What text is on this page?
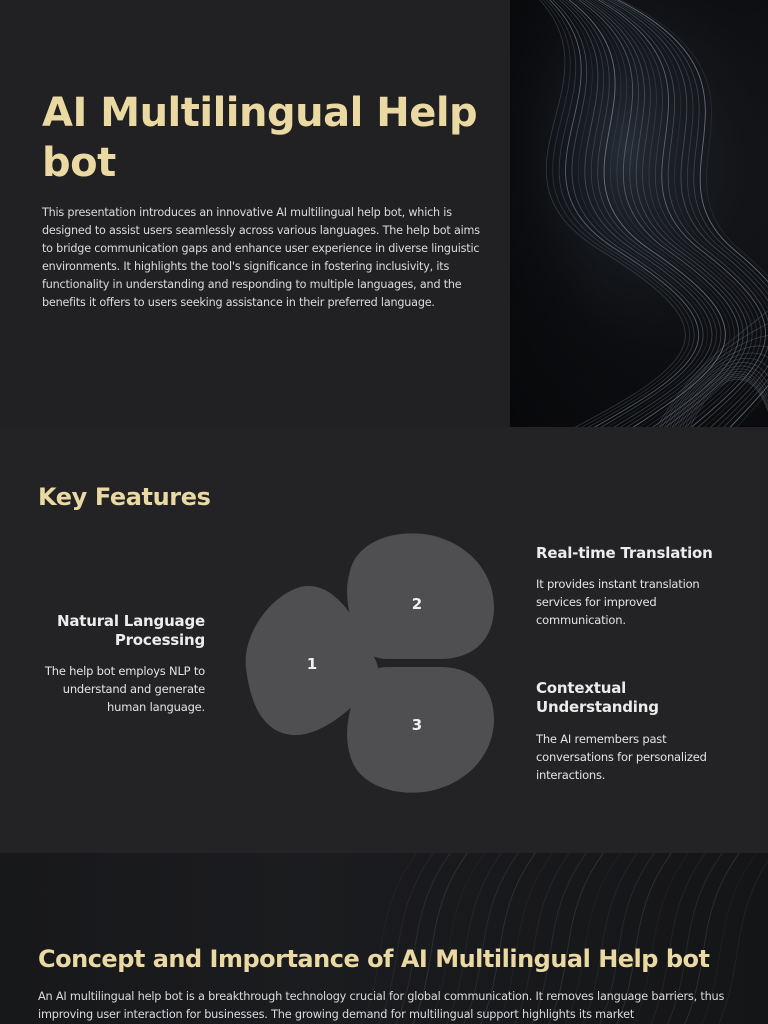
AI Multilingual Help bot

This presentation introduces an innovative AI multilingual help bot, which is designed to assist users seamlessly across various languages. The help bot aims to bridge communication gaps and enhance user experience in diverse linguistic environments. It highlights the tool's significance in fostering inclusivity, its functionality in understanding and responding to multiple languages, and the benefits it offers to users seeking assistance in their preferred language.

Key Features
Natural Language Processing

The help bot employs NLP to understand and generate human language.

Real-time Translation

It provides instant translation services for improved communication.

Contextual Understanding

The AI remembers past conversations for personalized interactions.

1
2
3
Concept and Importance of AI Multilingual Help bot

An AI multilingual help bot is a breakthrough technology crucial for global communication. It removes language barriers, thus improving user interaction for businesses. The growing demand for multilingual support highlights its market
